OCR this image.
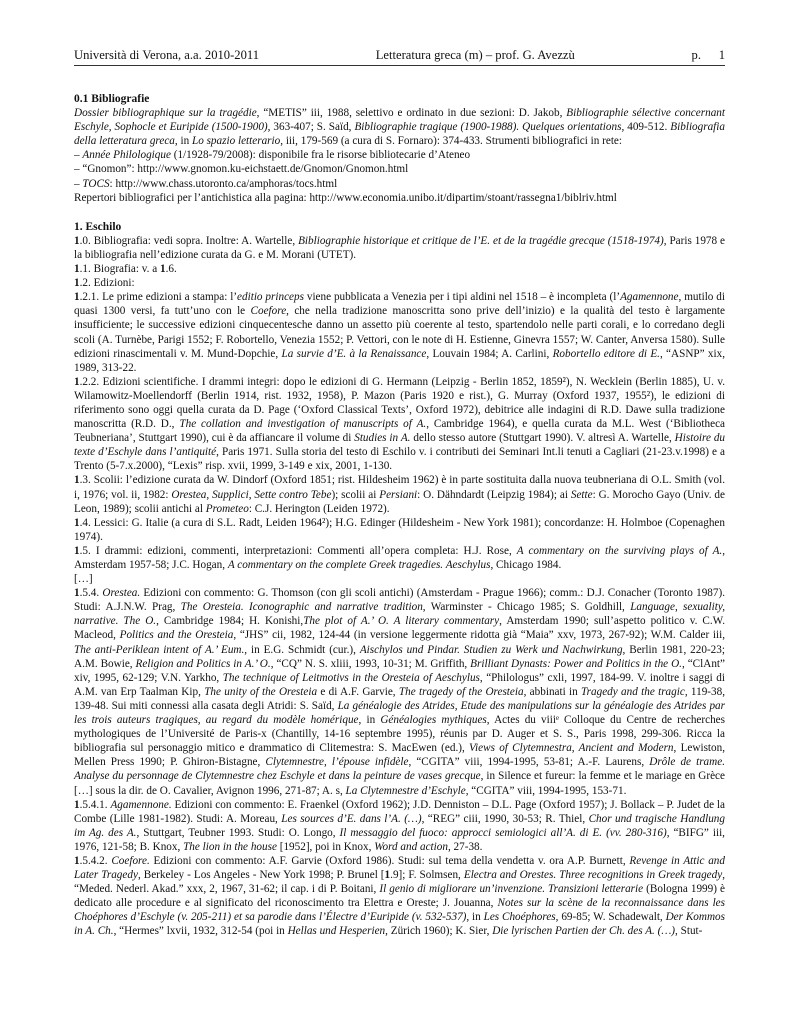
Università di Verona, a.a. 2010-2011	Letteratura greca (m) – prof. G. Avezzù	p. 1
0.1 Bibliografie

Dossier bibliographique sur la tragédie, “METIS” iii, 1988, selettivo e ordinato in due sezioni: D. Jakob, Bibliographie sélective concernant Eschyle, Sophocle et Euripide (1500-1900), 363-407; S. Saïd, Bibliographie tragique (1900-1988). Quelques orientations, 409-512. Bibliografia della letteratura greca, in Lo spazio letterario, iii, 179-569 (a cura di S. Fornaro): 374-433. Strumenti bibliografici in rete:

– Année Philologique (1/1928-79/2008): disponibile fra le risorse bibliotecarie d’Ateneo

– “Gnomon”: http://www.gnomon.ku-eichstaett.de/Gnomon/Gnomon.html

– TOCS: http://www.chass.utoronto.ca/amphoras/tocs.html

Repertori bibliografici per l’antichistica alla pagina: http://www.economia.unibo.it/dipartim/stoant/rassegna1/biblriv.html

1. Eschilo

1.0. Bibliografia: vedi sopra. Inoltre: A. Wartelle, Bibliographie historique et critique de l’E. et de la tragédie grecque (1518-1974), Paris 1978 e la bibliografia nell’edizione curata da G. e M. Morani (UTET).

1.1. Biografia: v. a 1.6.

1.2. Edizioni:

1.2.1. Le prime edizioni a stampa: l’editio princeps viene pubblicata a Venezia per i tipi aldini nel 1518 – è incompleta (l’Agamennone, mutilo di quasi 1300 versi, fa tutt’uno con le Coefore, che nella tradizione manoscritta sono prive dell’inizio) e la qualità del testo è largamente insufficiente; le successive edizioni cinquecentesche danno un assetto più coerente al testo, spartendolo nelle parti corali, e lo corredano degli scoli (A. Turnèbe, Parigi 1552; F. Robortello, Venezia 1552; P. Vettori, con le note di H. Estienne, Ginevra 1557; W. Canter, Anversa 1580). Sulle edizioni rinascimentali v. M. Mund-Dopchie, La survie d’E. à la Renaissance, Louvain 1984; A. Carlini, Robortello editore di E., “ASNP” xix, 1989, 313-22.

1.2.2. Edizioni scientifiche. I drammi integri: dopo le edizioni di G. Hermann (Leipzig - Berlin 1852, 1859²), N. Wecklein (Berlin 1885), U. v. Wilamowitz-Moellendorff (Berlin 1914, rist. 1932, 1958), P. Mazon (Paris 1920 e rist.), G. Murray (Oxford 1937, 1955²), le edizioni di riferimento sono oggi quella curata da D. Page (‘Oxford Classical Texts’, Oxford 1972), debitrice alle indagini di R.D. Dawe sulla tradizione manoscritta (R.D. D., The collation and investigation of manuscripts of A., Cambridge 1964), e quella curata da M.L. West (‘Bibliotheca Teubneriana’, Stuttgart 1990), cui è da affiancare il volume di Studies in A. dello stesso autore (Stuttgart 1990). V. altresì A. Wartelle, Histoire du texte d’Eschyle dans l’antiquité, Paris 1971. Sulla storia del testo di Eschilo v. i contributi dei Seminari Int.li tenuti a Cagliari (21-23.v.1998) e a Trento (5-7.x.2000), “Lexis” risp. xvii, 1999, 3-149 e xix, 2001, 1-130.

1.3. Scolii: l’edizione curata da W. Dindorf (Oxford 1851; rist. Hildesheim 1962) è in parte sostituita dalla nuova teubneriana di O.L. Smith (vol. i, 1976; vol. ii, 1982: Orestea, Supplici, Sette contro Tebe); scolii ai Persiani: O. Dähndardt (Leipzig 1984); ai Sette: G. Morocho Gayo (Univ. de Leon, 1989); scolii antichi al Prometeo: C.J. Herington (Leiden 1972).

1.4. Lessici: G. Italie (a cura di S.L. Radt, Leiden 1964²); H.G. Edinger (Hildesheim - New York 1981); concordanze: H. Holmboe (Copenaghen 1974).

1.5. I drammi: edizioni, commenti, interpretazioni: Commenti all’opera completa: H.J. Rose, A commentary on the surviving plays of A., Amsterdam 1957-58; J.C. Hogan, A commentary on the complete Greek tragedies. Aeschylus, Chicago 1984.

[…]

1.5.4. Orestea. Edizioni con commento: G. Thomson (con gli scoli antichi) (Amsterdam - Prague 1966); comm.: D.J. Conacher (Toronto 1987). Studi: A.J.N.W. Prag, The Oresteia. Iconographic and narrative tradition, Warminster - Chicago 1985; S. Goldhill, Language, sexuality, narrative. The O., Cambridge 1984; H. Konishi,The plot of A.’ O. A literary commentary, Amsterdam 1990; sull’aspetto politico v. C.W. Macleod, Politics and the Oresteia, “JHS” cii, 1982, 124-44 (in versione leggermente ridotta già “Maia” xxv, 1973, 267-92); W.M. Calder iii, The anti-Periklean intent of A.’ Eum., in E.G. Schmidt (cur.), Aischylos und Pindar. Studien zu Werk und Nachwirkung, Berlin 1981, 220-23; A.M. Bowie, Religion and Politics in A.’ O., “CQ” N. S. xliii, 1993, 10-31; M. Griffith, Brilliant Dynasts: Power and Politics in the O., “ClAnt” xiv, 1995, 62-129; V.N. Yarkho, The technique of Leitmotivs in the Oresteia of Aeschylus, “Philologus” cxli, 1997, 184-99. V. inoltre i saggi di A.M. van Erp Taalman Kip, The unity of the Oresteia e di A.F. Garvie, The tragedy of the Oresteia, abbinati in Tragedy and the tragic, 119-38, 139-48. Sui miti connessi alla casata degli Atridi: S. Saïd, La généalogie des Atrides, Etude des manipulations sur la généalogie des Atrides par les trois auteurs tragiques, au regard du modèle homérique, in Généalogies mythiques, Actes du viiiᵉ Colloque du Centre de recherches mythologiques de l’Université de Paris-x (Chantilly, 14-16 septembre 1995), réunis par D. Auger et S. S., Paris 1998, 299-306. Ricca la bibliografia sul personaggio mitico e drammatico di Clitemestra: S. MacEwen (ed.), Views of Clytemnestra, Ancient and Modern, Lewiston, Mellen Press 1990; P. Ghiron-Bistagne, Clytemnestre, l’épouse infidèle, “CGITA” viii, 1994-1995, 53-81; A.-F. Laurens, Drôle de trame. Analyse du personnage de Clytemnestre chez Eschyle et dans la peinture de vases grecque, in Silence et fureur: la femme et le mariage en Grèce […] sous la dir. de O. Cavalier, Avignon 1996, 271-87; A. s, La Clytemnestre d’Eschyle, “CGITA” viii, 1994-1995, 153-71.

1.5.4.1. Agamennone. Edizioni con commento: E. Fraenkel (Oxford 1962); J.D. Denniston – D.L. Page (Oxford 1957); J. Bollack – P. Judet de la Combe (Lille 1981-1982). Studi: A. Moreau, Les sources d’E. dans l’A. (…), “REG” ciii, 1990, 30-53; R. Thiel, Chor und tragische Handlung im Ag. des A., Stuttgart, Teubner 1993. Studi: O. Longo, Il messaggio del fuoco: approcci semiologici all’A. di E. (vv. 280-316), “BIFG” iii, 1976, 121-58; B. Knox, The lion in the house [1952], poi in Knox, Word and action, 27-38.

1.5.4.2. Coefore. Edizioni con commento: A.F. Garvie (Oxford 1986). Studi: sul tema della vendetta v. ora A.P. Burnett, Revenge in Attic and Later Tragedy, Berkeley - Los Angeles - New York 1998; P. Brunel [1.9]; F. Solmsen, Electra and Orestes. Three recognitions in Greek tragedy, “Meded. Nederl. Akad.” xxx, 2, 1967, 31-62; il cap. i di P. Boitani, Il genio di migliorare un’invenzione. Transizioni letterarie (Bologna 1999) è dedicato alle procedure e al significato del riconoscimento tra Elettra e Oreste; J. Jouanna, Notes sur la scène de la reconnaissance dans les Choéphores d’Eschyle (v. 205-211) et sa parodie dans l’Électre d’Euripide (v. 532-537), in Les Choéphores, 69-85; W. Schadewalt, Der Kommos in A. Ch., “Hermes” lxvii, 1932, 312-54 (poi in Hellas und Hesperien, Zürich 1960); K. Sier, Die lyrischen Partien der Ch. des A. (…), Stut-
